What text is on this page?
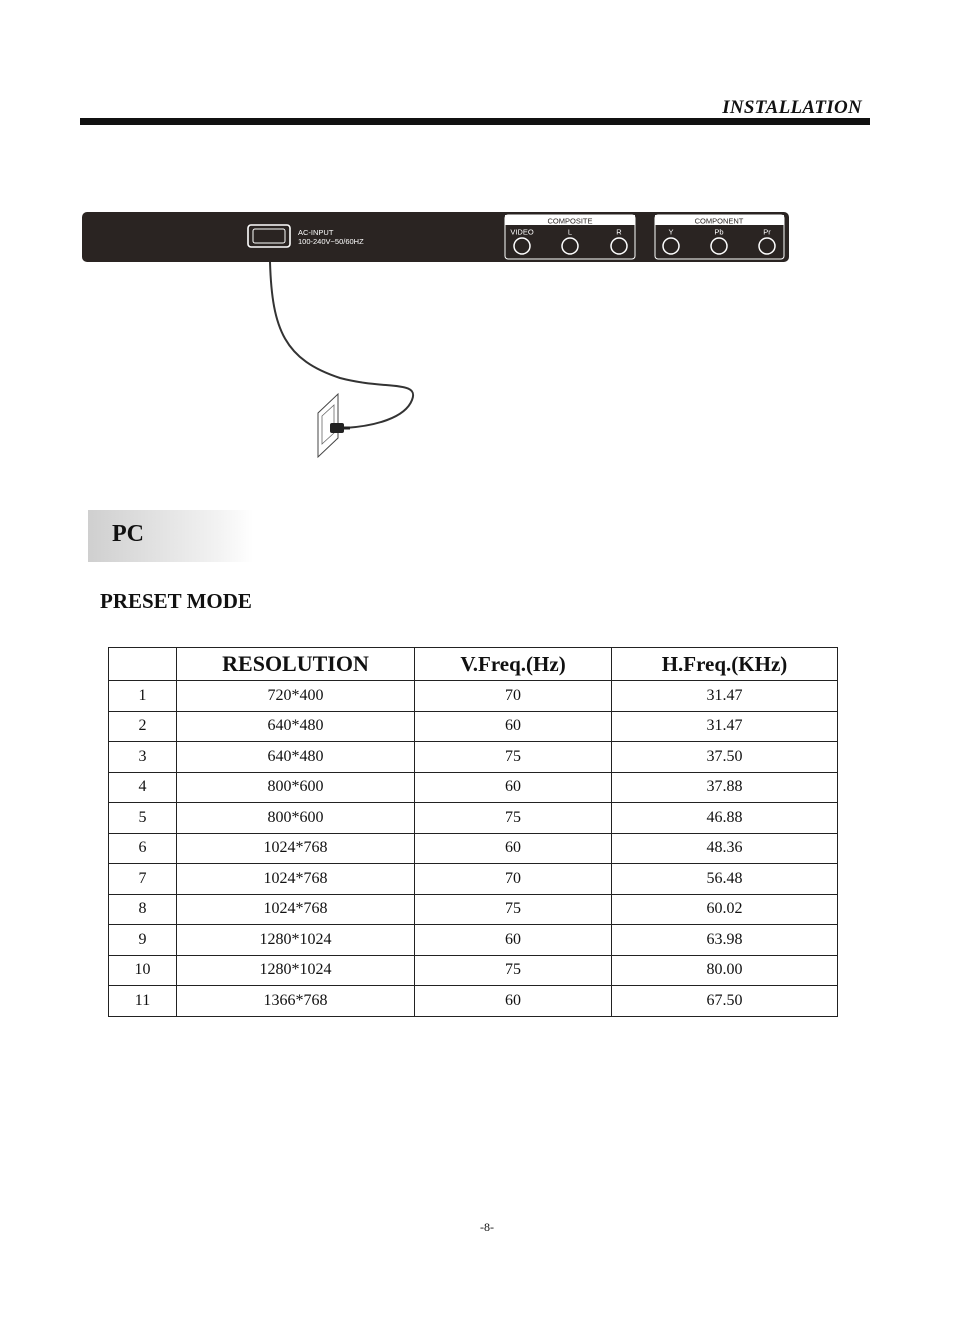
INSTALLATION
AC-INPUT
100-240V~50/60HZ
COMPOSITE
VIDEO	L	R
COMPONENT
Y	Pb	Pr
PC
PRESET MODE
	RESOLUTION	V.Freq.(Hz)	H.Freq.(KHz)
1	720*400	70	31.47
2	640*480	60	31.47
3	640*480	75	37.50
4	800*600	60	37.88
5	800*600	75	46.88
6	1024*768	60	48.36
7	1024*768	70	56.48
8	1024*768	75	60.02
9	1280*1024	60	63.98
10	1280*1024	75	80.00
11	1366*768	60	67.50
-8-
